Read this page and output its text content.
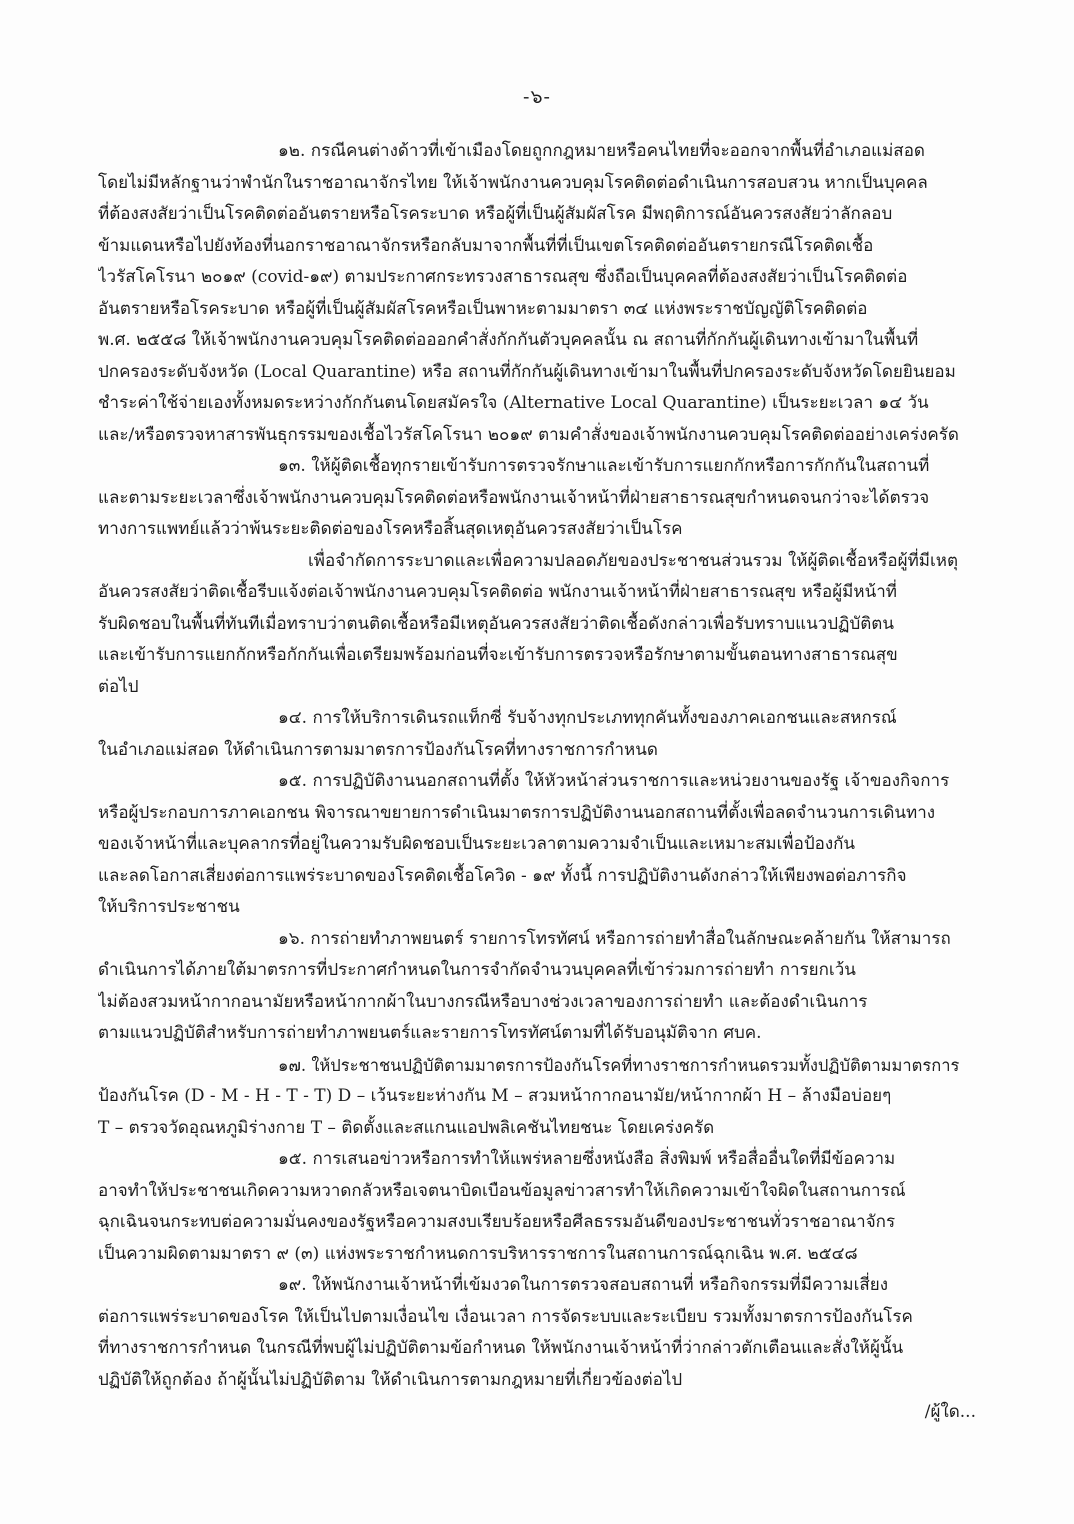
-๖-
๑๒. กรณีคนต่างด้าวที่เข้าเมืองโดยถูกกฎหมายหรือคนไทยที่จะออกจากพื้นที่อำเภอแม่สอด
โดยไม่มีหลักฐานว่าพำนักในราชอาณาจักรไทย ให้เจ้าพนักงานควบคุมโรคติดต่อดำเนินการสอบสวน หากเป็นบุคคล
ที่ต้องสงสัยว่าเป็นโรคติดต่ออันตรายหรือโรคระบาด หรือผู้ที่เป็นผู้สัมผัสโรค มีพฤติการณ์อันควรสงสัยว่าลักลอบ
ข้ามแดนหรือไปยังท้องที่นอกราชอาณาจักรหรือกลับมาจากพื้นที่ที่เป็นเขตโรคติดต่ออันตรายกรณีโรคติดเชื้อ
ไวรัสโคโรนา ๒๐๑๙ (covid-๑๙) ตามประกาศกระทรวงสาธารณสุข ซึ่งถือเป็นบุคคลที่ต้องสงสัยว่าเป็นโรคติดต่อ
อันตรายหรือโรคระบาด หรือผู้ที่เป็นผู้สัมผัสโรคหรือเป็นพาหะตามมาตรา ๓๔ แห่งพระราชบัญญัติโรคติดต่อ
พ.ศ. ๒๕๕๘ ให้เจ้าพนักงานควบคุมโรคติดต่อออกคำสั่งกักกันตัวบุคคลนั้น ณ สถานที่กักกันผู้เดินทางเข้ามาในพื้นที่
ปกครองระดับจังหวัด (Local Quarantine) หรือ สถานที่กักกันผู้เดินทางเข้ามาในพื้นที่ปกครองระดับจังหวัดโดยยินยอม
ชำระค่าใช้จ่ายเองทั้งหมดระหว่างกักกันตนโดยสมัครใจ (Alternative Local Quarantine) เป็นระยะเวลา ๑๔ วัน
และ/หรือตรวจหาสารพันธุกรรมของเชื้อไวรัสโคโรนา ๒๐๑๙ ตามคำสั่งของเจ้าพนักงานควบคุมโรคติดต่ออย่างเคร่งครัด
๑๓. ให้ผู้ติดเชื้อทุกรายเข้ารับการตรวจรักษาและเข้ารับการแยกกักหรือการกักกันในสถานที่
และตามระยะเวลาซึ่งเจ้าพนักงานควบคุมโรคติดต่อหรือพนักงานเจ้าหน้าที่ฝ่ายสาธารณสุขกำหนดจนกว่าจะได้ตรวจ
ทางการแพทย์แล้วว่าพ้นระยะติดต่อของโรคหรือสิ้นสุดเหตุอันควรสงสัยว่าเป็นโรค
เพื่อจำกัดการระบาดและเพื่อความปลอดภัยของประชาชนส่วนรวม ให้ผู้ติดเชื้อหรือผู้ที่มีเหตุ
อันควรสงสัยว่าติดเชื้อรีบแจ้งต่อเจ้าพนักงานควบคุมโรคติดต่อ พนักงานเจ้าหน้าที่ฝ่ายสาธารณสุข หรือผู้มีหน้าที่
รับผิดชอบในพื้นที่ทันทีเมื่อทราบว่าตนติดเชื้อหรือมีเหตุอันควรสงสัยว่าติดเชื้อดังกล่าวเพื่อรับทราบแนวปฏิบัติตน
และเข้ารับการแยกกักหรือกักกันเพื่อเตรียมพร้อมก่อนที่จะเข้ารับการตรวจหรือรักษาตามขั้นตอนทางสาธารณสุข
ต่อไป
๑๔. การให้บริการเดินรถแท็กซี่ รับจ้างทุกประเภททุกคันทั้งของภาคเอกชนและสหกรณ์
ในอำเภอแม่สอด ให้ดำเนินการตามมาตรการป้องกันโรคที่ทางราชการกำหนด
๑๕. การปฏิบัติงานนอกสถานที่ตั้ง ให้หัวหน้าส่วนราชการและหน่วยงานของรัฐ เจ้าของกิจการ
หรือผู้ประกอบการภาคเอกชน พิจารณาขยายการดำเนินมาตรการปฏิบัติงานนอกสถานที่ตั้งเพื่อลดจำนวนการเดินทาง
ของเจ้าหน้าที่และบุคลากรที่อยู่ในความรับผิดชอบเป็นระยะเวลาตามความจำเป็นและเหมาะสมเพื่อป้องกัน
และลดโอกาสเสี่ยงต่อการแพร่ระบาดของโรคติดเชื้อโควิด - ๑๙ ทั้งนี้ การปฏิบัติงานดังกล่าวให้เพียงพอต่อภารกิจ
ให้บริการประชาชน
๑๖. การถ่ายทำภาพยนตร์ รายการโทรทัศน์ หรือการถ่ายทำสื่อในลักษณะคล้ายกัน ให้สามารถ
ดำเนินการได้ภายใต้มาตรการที่ประกาศกำหนดในการจำกัดจำนวนบุคคลที่เข้าร่วมการถ่ายทำ การยกเว้น
ไม่ต้องสวมหน้ากากอนามัยหรือหน้ากากผ้าในบางกรณีหรือบางช่วงเวลาของการถ่ายทำ และต้องดำเนินการ
ตามแนวปฏิบัติสำหรับการถ่ายทำภาพยนตร์และรายการโทรทัศน์ตามที่ได้รับอนุมัติจาก ศบค.
๑๗. ให้ประชาชนปฏิบัติตามมาตรการป้องกันโรคที่ทางราชการกำหนดรวมทั้งปฏิบัติตามมาตรการ
ป้องกันโรค (D - M - H - T - T) D – เว้นระยะห่างกัน M – สวมหน้ากากอนามัย/หน้ากากผ้า H – ล้างมือบ่อยๆ
T – ตรวจวัดอุณหภูมิร่างกาย T – ติดตั้งและสแกนแอปพลิเคชันไทยชนะ โดยเคร่งครัด
๑๕. การเสนอข่าวหรือการทำให้แพร่หลายซึ่งหนังสือ สิ่งพิมพ์ หรือสื่ออื่นใดที่มีข้อความ
อาจทำให้ประชาชนเกิดความหวาดกลัวหรือเจตนาบิดเบือนข้อมูลข่าวสารทำให้เกิดความเข้าใจผิดในสถานการณ์
ฉุกเฉินจนกระทบต่อความมั่นคงของรัฐหรือความสงบเรียบร้อยหรือศีลธรรมอันดีของประชาชนทั่วราชอาณาจักร
เป็นความผิดตามมาตรา ๙ (๓) แห่งพระราชกำหนดการบริหารราชการในสถานการณ์ฉุกเฉิน พ.ศ. ๒๕๔๘
๑๙. ให้พนักงานเจ้าหน้าที่เข้มงวดในการตรวจสอบสถานที่ หรือกิจกรรมที่มีความเสี่ยง
ต่อการแพร่ระบาดของโรค ให้เป็นไปตามเงื่อนไข เงื่อนเวลา การจัดระบบและระเบียบ รวมทั้งมาตรการป้องกันโรค
ที่ทางราชการกำหนด ในกรณีที่พบผู้ไม่ปฏิบัติตามข้อกำหนด ให้พนักงานเจ้าหน้าที่ว่ากล่าวตักเตือนและสั่งให้ผู้นั้น
ปฏิบัติให้ถูกต้อง ถ้าผู้นั้นไม่ปฏิบัติตาม ให้ดำเนินการตามกฎหมายที่เกี่ยวข้องต่อไป
/ผู้ใด...
